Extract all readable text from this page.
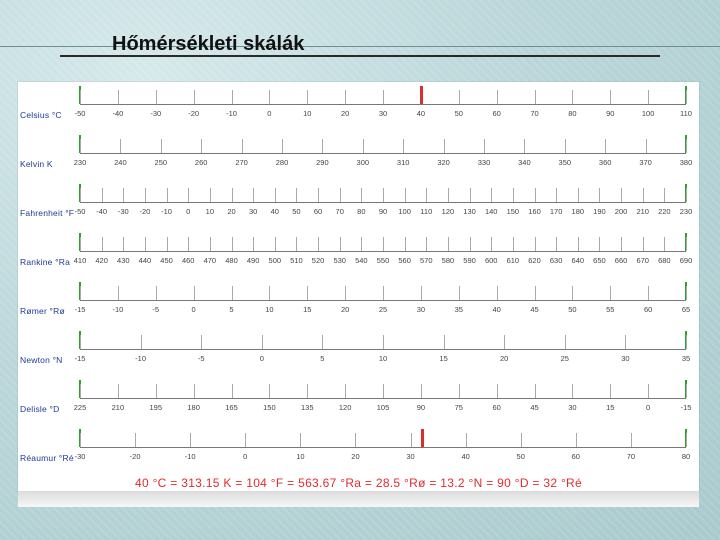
Hőmérsékleti skálák
Celsius °C -50	-40	-30	-20	-10	0	10	20	30	40	50	60	70	80	90	100	110
Kelvin K	230	240	250	260	270	280	290	300	310	320	330	340	350	360	370	380
Fahrenheit °F -50 -40 -30 -20 -10 0 10 20 30 40 50 60 70 80 90 100 110 120 130 140 150 160 170 180 190 200 210 220 230
Rankine °Ra 410 420 430 440 450 460 470 480 490 500 510 520 530 540 550 560 570 580 590 600 610 620 630 640 650 660 670 680 690
Rømer °Rø -15	-10	-5	0	5	10	15	20	25	30	35	40	45	50	55	60	65
Newton °N -15	-10	-5	0	5	10	15	20	25	30	35
Delisle °D 225	210	195	180	165	150	135	120	105	90	75	60	45	30	15	0	-15
Réaumur °Ré -30	-20	-10	0	10	20	30	40	50	60	70	80
40 °C = 313.15 K = 104 °F = 563.67 °Ra = 28.5 °Rø = 13.2 °N = 90 °D = 32 °Ré
